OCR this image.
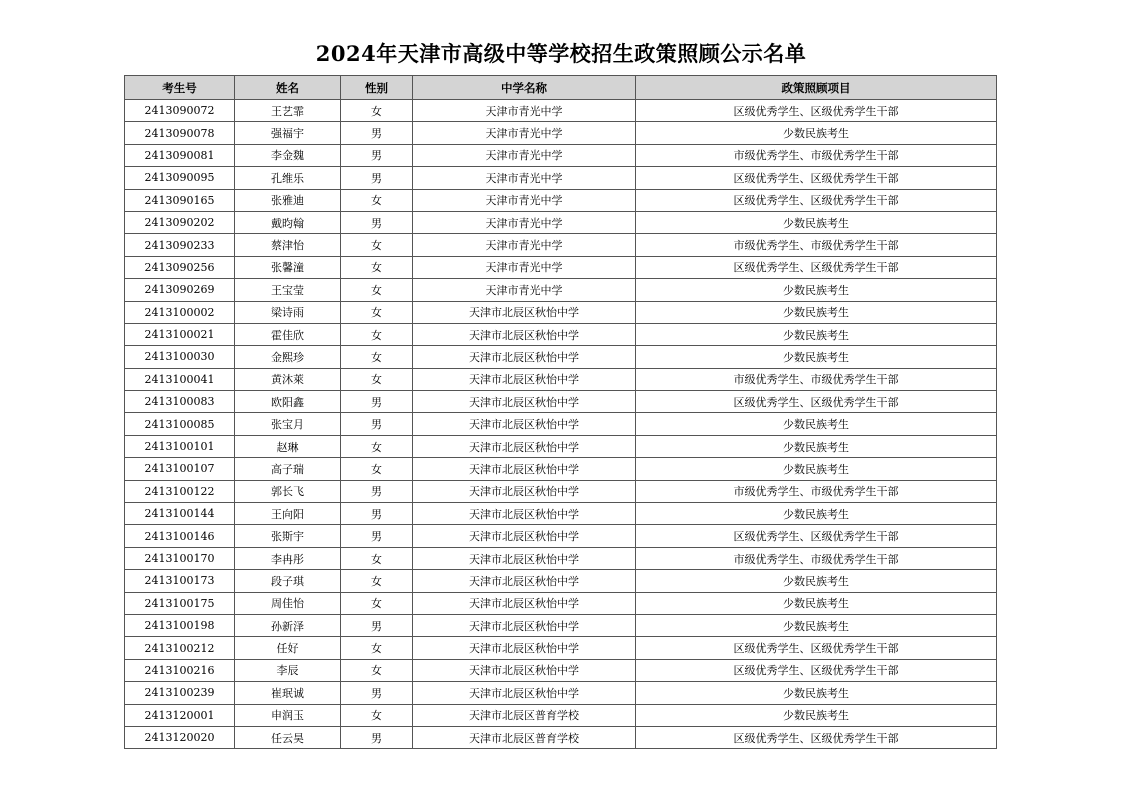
2024年天津市高级中等学校招生政策照顾公示名单
考生号	姓名	性别	中学名称	政策照顾项目
2413090072	王艺霏	女	天津市青光中学	区级优秀学生、区级优秀学生干部
2413090078	强福宇	男	天津市青光中学	少数民族考生
2413090081	李金魏	男	天津市青光中学	市级优秀学生、市级优秀学生干部
2413090095	孔维乐	男	天津市青光中学	区级优秀学生、区级优秀学生干部
2413090165	张雅迪	女	天津市青光中学	区级优秀学生、区级优秀学生干部
2413090202	戴昀翰	男	天津市青光中学	少数民族考生
2413090233	蔡津怡	女	天津市青光中学	市级优秀学生、市级优秀学生干部
2413090256	张馨潼	女	天津市青光中学	区级优秀学生、区级优秀学生干部
2413090269	王宝莹	女	天津市青光中学	少数民族考生
2413100002	梁诗雨	女	天津市北辰区秋怡中学	少数民族考生
2413100021	霍佳欣	女	天津市北辰区秋怡中学	少数民族考生
2413100030	金熙珍	女	天津市北辰区秋怡中学	少数民族考生
2413100041	黄沐萊	女	天津市北辰区秋怡中学	市级优秀学生、市级优秀学生干部
2413100083	欧阳鑫	男	天津市北辰区秋怡中学	区级优秀学生、区级优秀学生干部
2413100085	张宝月	男	天津市北辰区秋怡中学	少数民族考生
2413100101	赵琳	女	天津市北辰区秋怡中学	少数民族考生
2413100107	高子瑞	女	天津市北辰区秋怡中学	少数民族考生
2413100122	郭长飞	男	天津市北辰区秋怡中学	市级优秀学生、市级优秀学生干部
2413100144	王向阳	男	天津市北辰区秋怡中学	少数民族考生
2413100146	张斯宇	男	天津市北辰区秋怡中学	区级优秀学生、区级优秀学生干部
2413100170	李冉彤	女	天津市北辰区秋怡中学	市级优秀学生、市级优秀学生干部
2413100173	段子琪	女	天津市北辰区秋怡中学	少数民族考生
2413100175	周佳怡	女	天津市北辰区秋怡中学	少数民族考生
2413100198	孙新泽	男	天津市北辰区秋怡中学	少数民族考生
2413100212	任好	女	天津市北辰区秋怡中学	区级优秀学生、区级优秀学生干部
2413100216	李辰	女	天津市北辰区秋怡中学	区级优秀学生、区级优秀学生干部
2413100239	崔珉诚	男	天津市北辰区秋怡中学	少数民族考生
2413120001	申润玉	女	天津市北辰区普育学校	少数民族考生
2413120020	任云昊	男	天津市北辰区普育学校	区级优秀学生、区级优秀学生干部
